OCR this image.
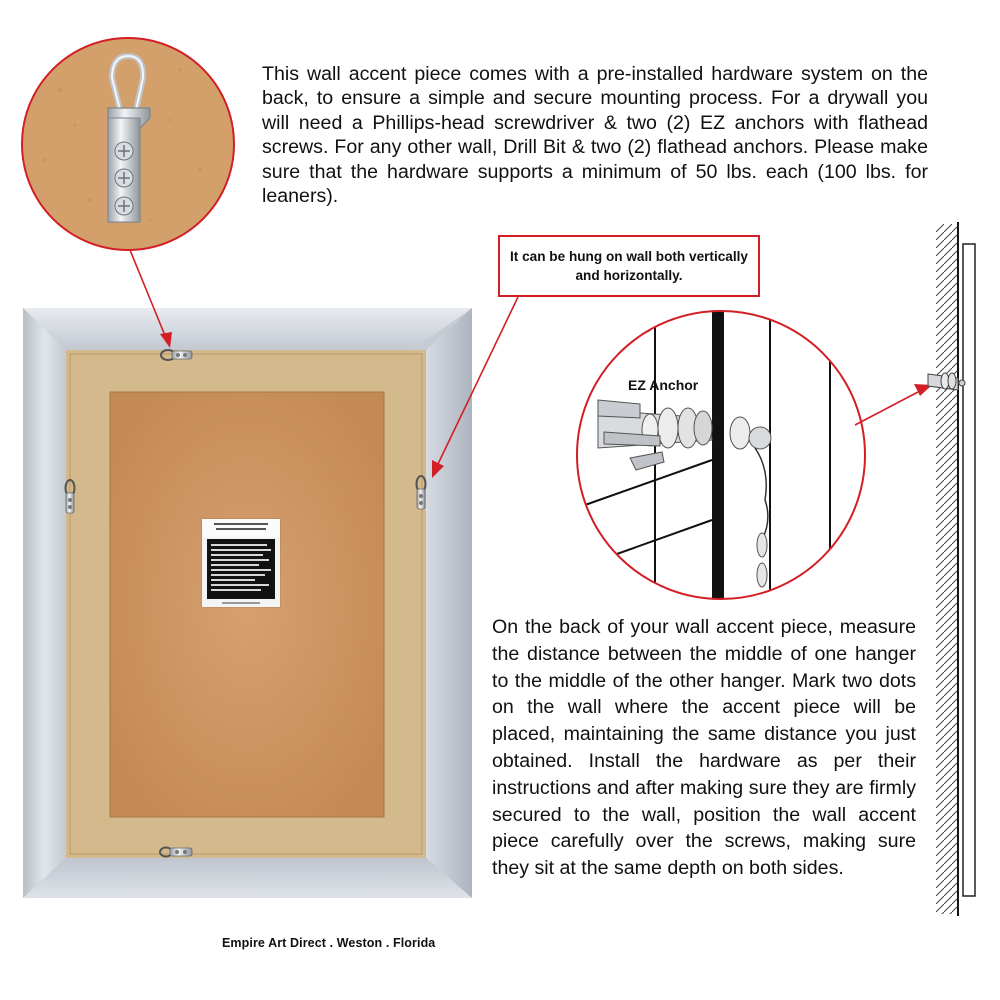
This wall accent piece comes with a pre-installed hardware system on the back, to ensure a simple and secure mounting process. For a drywall you will need a Phillips-head screwdriver & two (2) EZ anchors with flathead screws. For any other wall, Drill Bit & two (2) flathead anchors. Please make sure that the hardware supports a minimum of 50 lbs. each (100 lbs. for leaners).
It can be hung on wall both vertically and horizontally.
EZ Anchor
On the back of your wall accent piece, measure the distance between the middle of one hanger to the middle of the other hanger. Mark two dots on the wall where the accent piece will be placed, maintaining the same distance you just obtained. Install the hardware as per their instructions and after making sure they are firmly secured to the wall, position the wall accent piece carefully over the screws, making sure they sit at the same depth on both sides.
Empire Art Direct . Weston . Florida
